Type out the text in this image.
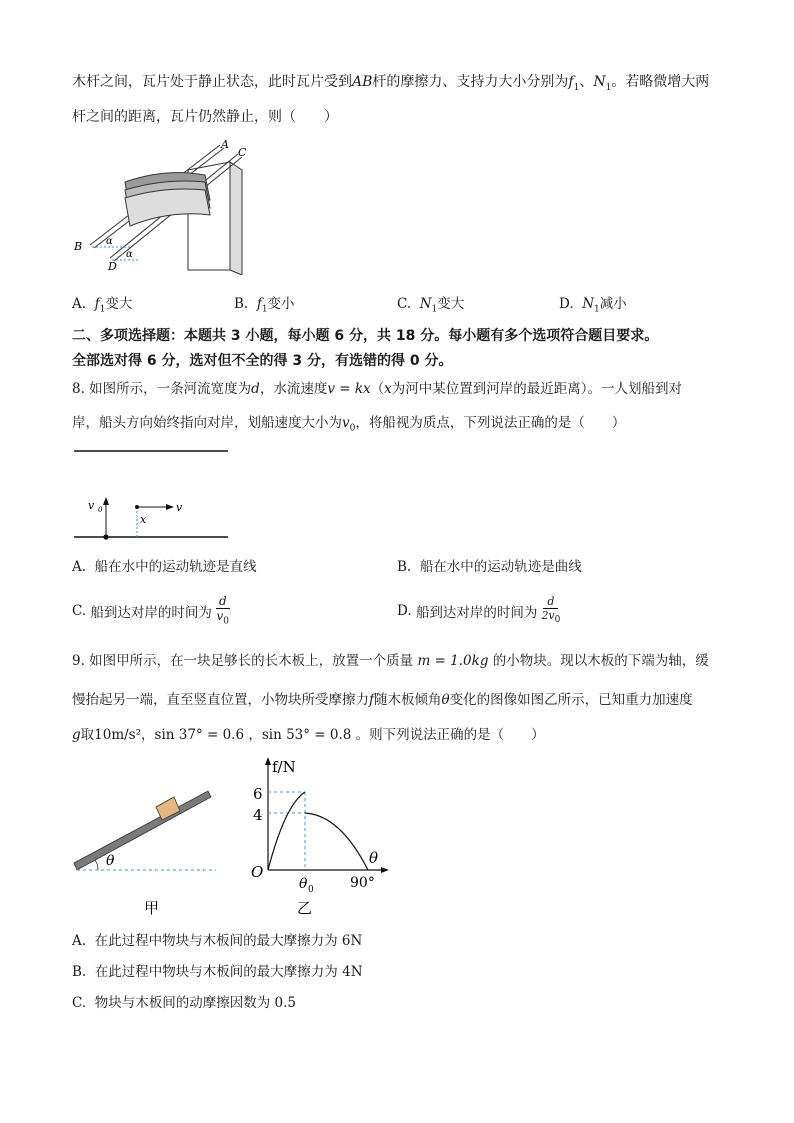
木杆之间，瓦片处于静止状态，此时瓦片受到AB杆的摩擦力、支持力大小分别为$f_1$、$N_1$。若略微增大两
杆之间的距离，瓦片仍然静止，则（　　）
A
C
B
D
α
α
A. $f_1$变大	B. $f_1$变小	C. $N_1$变大	D. $N_1$减小
二、多项选择题：本题共 3 小题，每小题 6 分，共 18 分。每小题有多个选项符合题目要求。
全部选对得 6 分，选对但不全的得 3 分，有选错的得 0 分。
8. 如图所示，一条河流宽度为d，水流速度v = kx（x为河中某位置到河岸的最近距离）。一人划船到对
岸，船头方向始终指向对岸，划船速度大小为$v_0$，将船视为质点，下列说法正确的是（　　）
v 0	v
x
A. 船在水中的运动轨迹是直线	B. 船在水中的运动轨迹是曲线
C.
船到达对岸的时间为
d
$v_0$
D.
船到达对岸的时间为
d
$2v_0$
9. 如图甲所示，在一块足够长的长木板上，放置一个质量 m = 1.0kg 的小物块。现以木板的下端为轴，缓
慢抬起另一端，直至竖直位置，小物块所受摩擦力f随木板倾角θ变化的图像如图乙所示，已知重力加速度
g取10m/s²，sin 37° = 0.6 ，sin 53° = 0.8 。则下列说法正确的是（　　）
θ
甲
f/N
6
4
O
θ
θ 0	90°
乙
A. 在此过程中物块与木板间的最大摩擦力为 6N
B. 在此过程中物块与木板间的最大摩擦力为 4N
C. 物块与木板间的动摩擦因数为 0.5
